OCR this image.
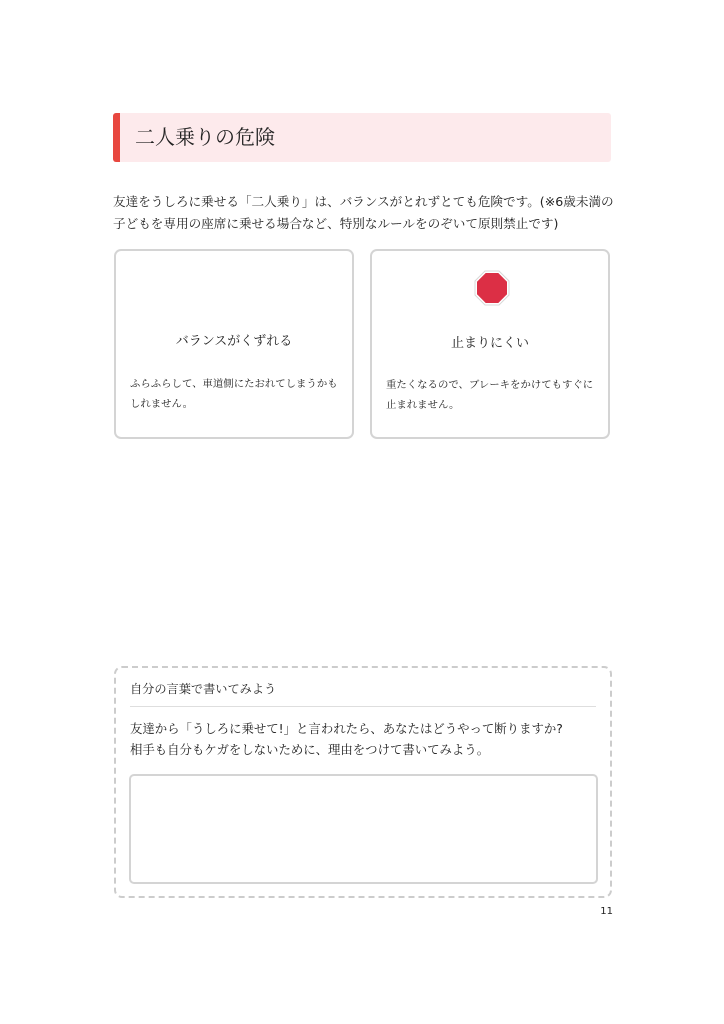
二人乗りの危険
友達をうしろに乗せる「二人乗り」は、バランスがとれずとても危険です。(※6歳未満の子どもを専用の座席に乗せる場合など、特別なルールをのぞいて原則禁止です)
バランスがくずれる
ふらふらして、車道側にたおれてしまうかもしれません。
止まりにくい
重たくなるので、ブレーキをかけてもすぐに止まれません。
自分の言葉で書いてみよう
友達から「うしろに乗せて!」と言われたら、あなたはどうやって断りますか?
相手も自分もケガをしないために、理由をつけて書いてみよう。
11
